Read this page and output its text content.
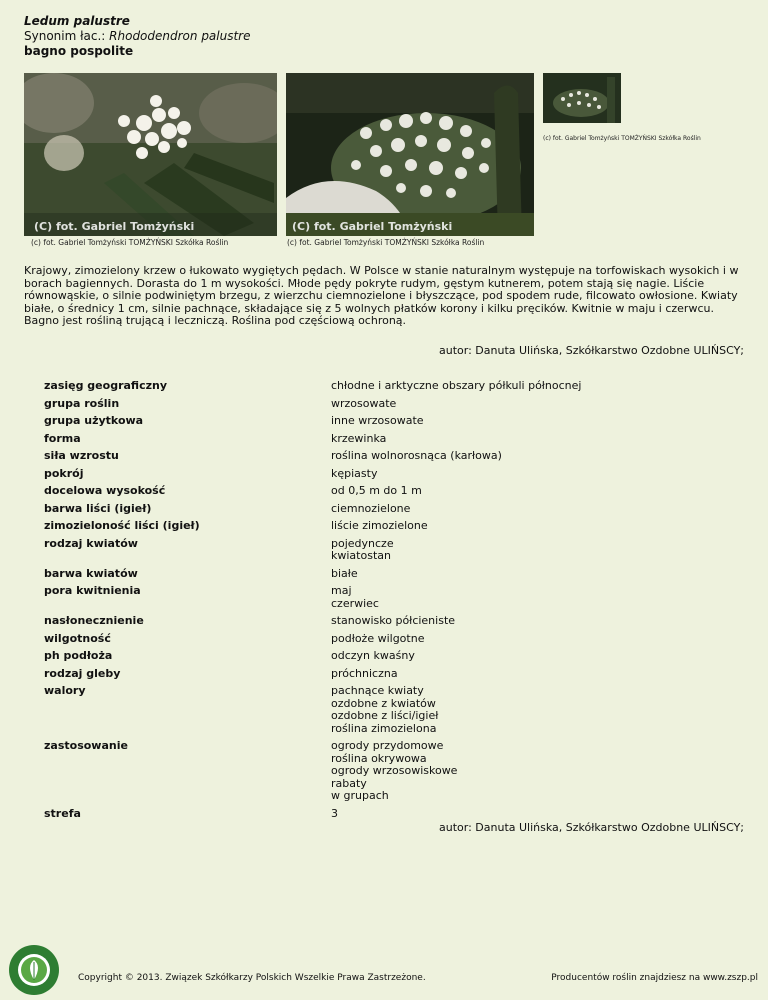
Ledum palustre
Synonim łac.: Rhododendron palustre
bagno pospolite
(C) fot. Gabriel Tomżyński
(c) fot. Gabriel Tomżyński TOMŻYŃSKI Szkółka Roślin
(C) fot. Gabriel Tomżyński
(c) fot. Gabriel Tomżyński TOMŻYŃSKI Szkółka Roślin
(c) fot. Gabriel Tomżyński TOMŻYŃSKI Szkółka Roślin
Krajowy, zimozielony krzew o łukowato wygiętych pędach. W Polsce w stanie naturalnym występuje na torfowiskach wysokich i w borach bagiennych. Dorasta do 1 m wysokości. Młode pędy pokryte rudym, gęstym kutnerem, potem stają się nagie. Liście równowąskie, o silnie podwiniętym brzegu, z wierzchu ciemnozielone i błyszczące, pod spodem rude, filcowato owłosione. Kwiaty białe, o średnicy 1 cm, silnie pachnące, składające się z 5 wolnych płatków korony i kilku pręcików. Kwitnie w maju i czerwcu. Bagno jest rośliną trującą i leczniczą. Roślina pod częściową ochroną.
autor: Danuta Ulińska, Szkółkarstwo Ozdobne ULIŃSCY;
zasięg geograficzny	chłodne i arktyczne obszary półkuli północnej
grupa roślin	wrzosowate
grupa użytkowa	inne wrzosowate
forma	krzewinka
siła wzrostu	roślina wolnorosnąca (karłowa)
pokrój	kępiasty
docelowa wysokość	od 0,5 m do 1 m
barwa liści (igieł)	ciemnozielone
zimozieloność liści (igieł)	liście zimozielone
rodzaj kwiatów	pojedyncze
kwiatostan
barwa kwiatów	białe
pora kwitnienia	maj
czerwiec
nasłonecznienie	stanowisko półcieniste
wilgotność	podłoże wilgotne
ph podłoża	odczyn kwaśny
rodzaj gleby	próchniczna
walory	pachnące kwiaty
ozdobne z kwiatów
ozdobne z liści/igieł
roślina zimozielona
zastosowanie	ogrody przydomowe
roślina okrywowa
ogrody wrzosowiskowe
rabaty
w grupach
strefa	3
autor: Danuta Ulińska, Szkółkarstwo Ozdobne ULIŃSCY;
Copyright © 2013. Związek Szkółkarzy Polskich Wszelkie Prawa Zastrzeżone.	Producentów roślin znajdziesz na www.zszp.pl
